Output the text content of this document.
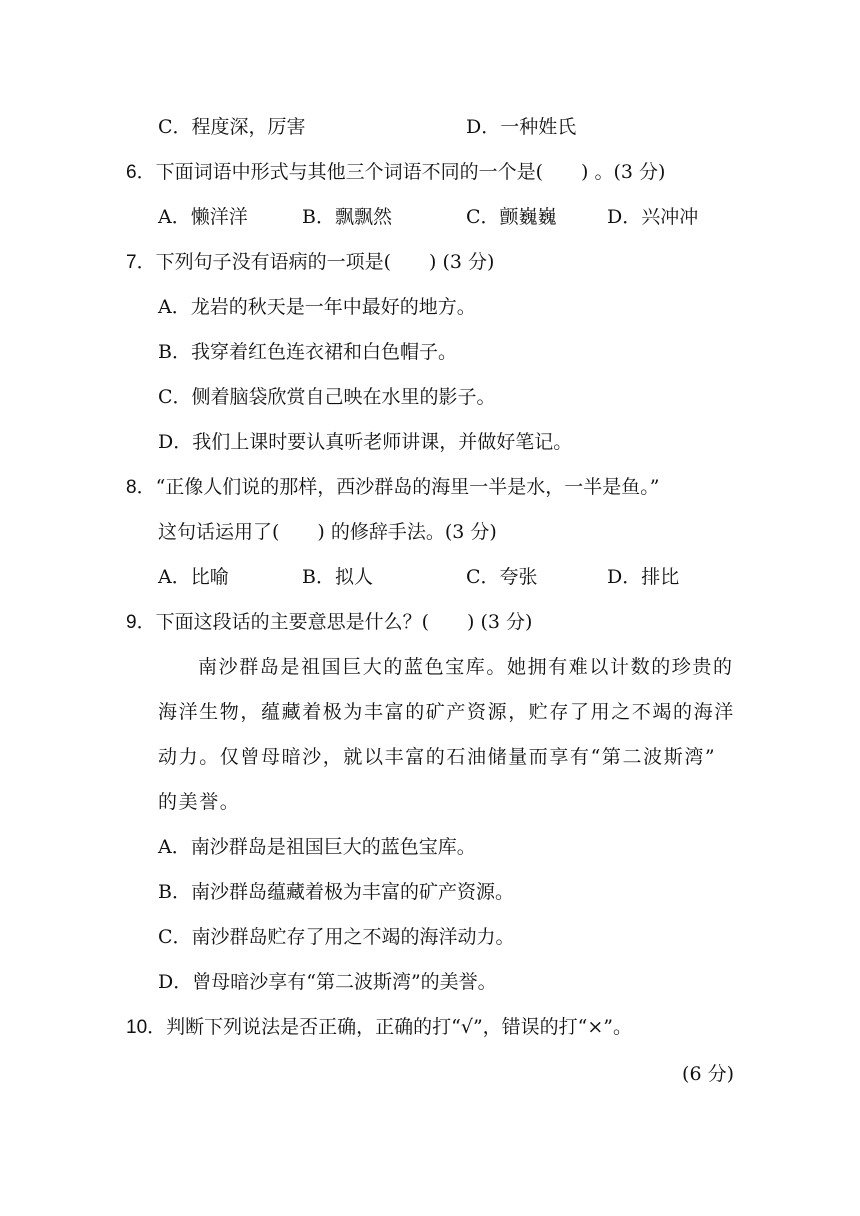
C．程度深，厉害	D．一种姓氏
6．下面词语中形式与其他三个词语不同的一个是(　　) 。(3 分)
A．懒洋洋	B．飘飘然	C．颤巍巍	D．兴冲冲
7．下列句子没有语病的一项是(　　) (3 分)
A．龙岩的秋天是一年中最好的地方。
B．我穿着红色连衣裙和白色帽子。
C．侧着脑袋欣赏自己映在水里的影子。
D．我们上课时要认真听老师讲课，并做好笔记。
8．“正像人们说的那样，西沙群岛的海里一半是水，一半是鱼。”
这句话运用了(　　) 的修辞手法。(3 分)
A．比喻	B．拟人	C．夸张	D．排比
9．下面这段话的主要意思是什么？(　　) (3 分)
南沙群岛是祖国巨大的蓝色宝库。她拥有难以计数的珍贵的
海洋生物，蕴藏着极为丰富的矿产资源，贮存了用之不竭的海洋
动力。仅曾母暗沙，就以丰富的石油储量而享有“第二波斯湾”
的美誉。
A．南沙群岛是祖国巨大的蓝色宝库。
B．南沙群岛蕴藏着极为丰富的矿产资源。
C．南沙群岛贮存了用之不竭的海洋动力。
D．曾母暗沙享有“第二波斯湾”的美誉。
10．判断下列说法是否正确，正确的打“√”，错误的打“×”。
(6 分)
